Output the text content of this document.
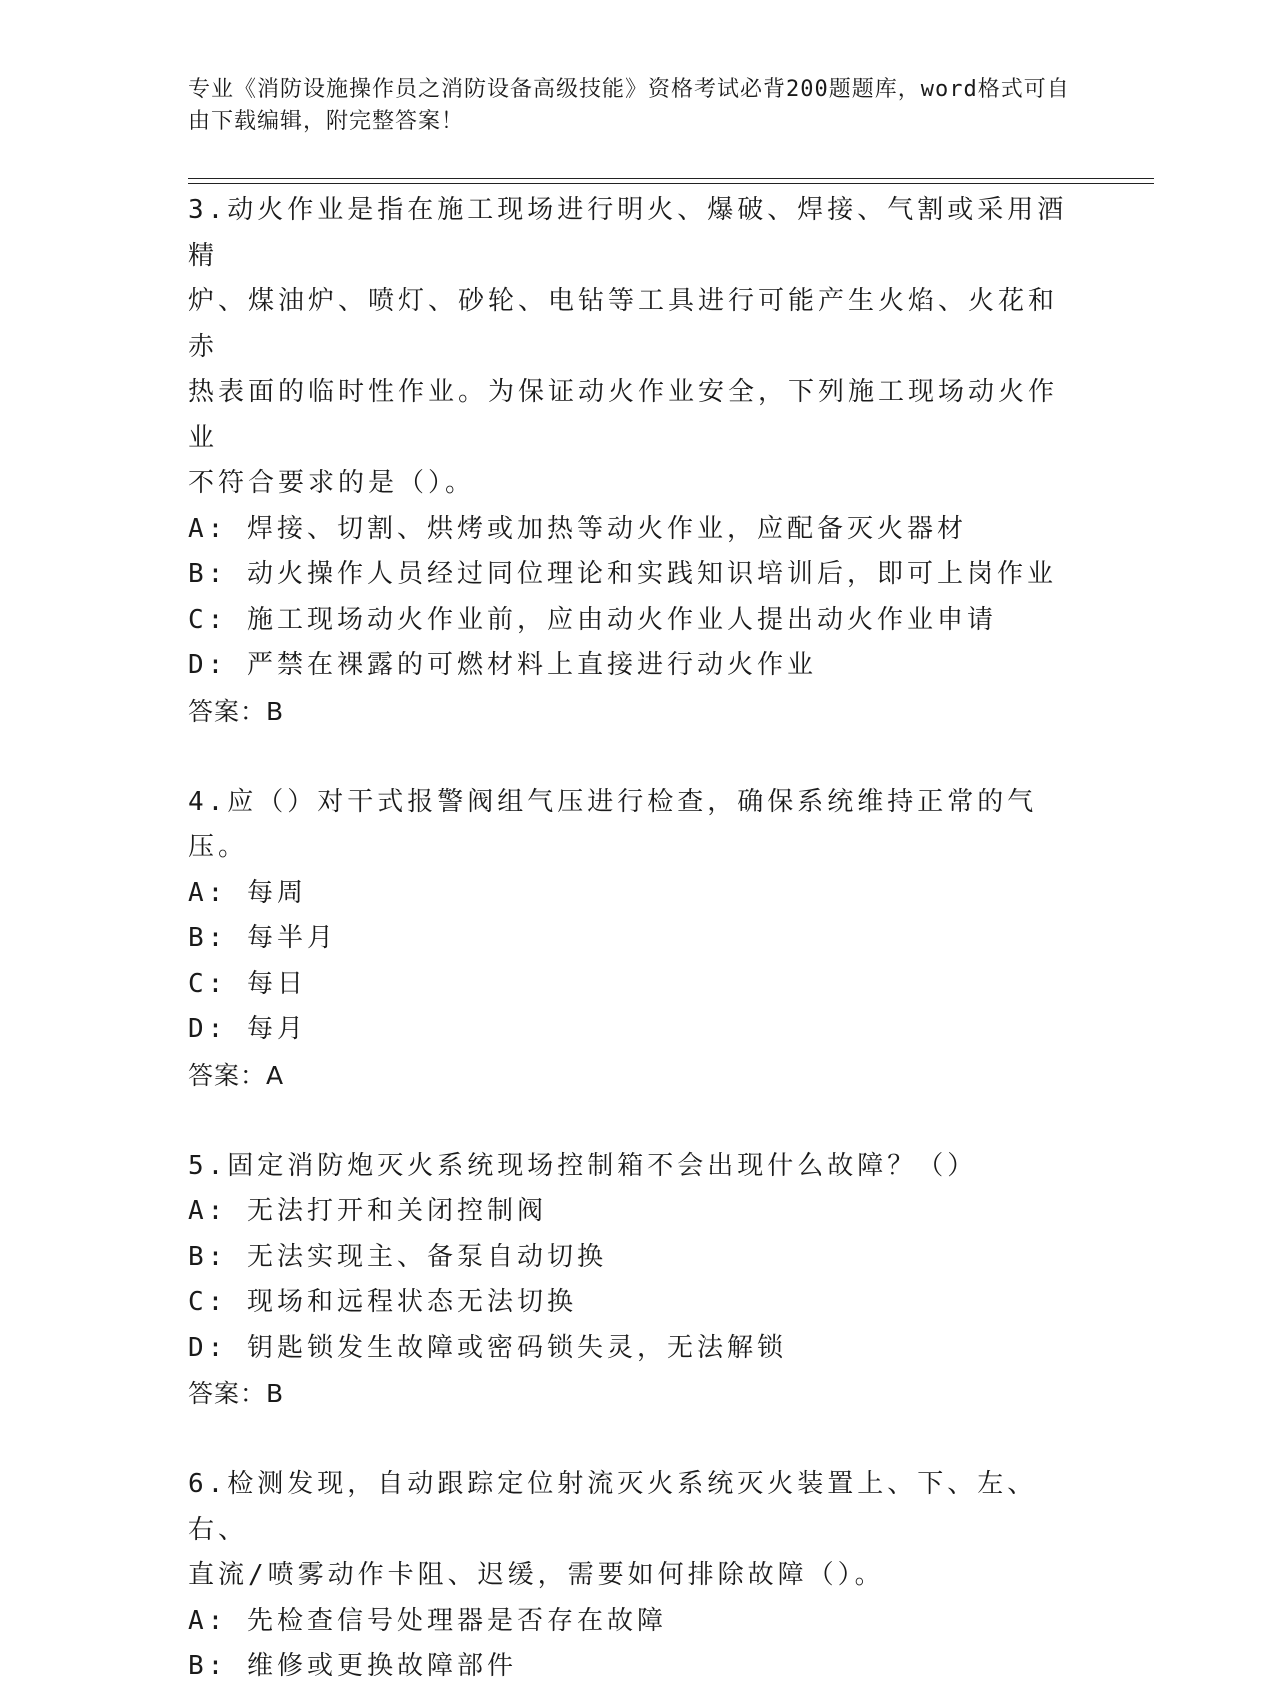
专业《消防设施操作员之消防设备高级技能》资格考试必背200题题库，word格式可自由下载编辑，附完整答案！
3.动火作业是指在施工现场进行明火、爆破、焊接、气割或采用酒精
炉、煤油炉、喷灯、砂轮、电钻等工具进行可能产生火焰、火花和赤
热表面的临时性作业。为保证动火作业安全，下列施工现场动火作业
不符合要求的是（）。
A: 焊接、切割、烘烤或加热等动火作业，应配备灭火器材
B: 动火操作人员经过同位理论和实践知识培训后，即可上岗作业
C: 施工现场动火作业前，应由动火作业人提出动火作业申请
D: 严禁在裸露的可燃材料上直接进行动火作业
答案：B
4.应（）对干式报警阀组气压进行检查，确保系统维持正常的气压。
A: 每周
B: 每半月
C: 每日
D: 每月
答案：A
5.固定消防炮灭火系统现场控制箱不会出现什么故障？（）
A: 无法打开和关闭控制阀
B: 无法实现主、备泵自动切换
C: 现场和远程状态无法切换
D: 钥匙锁发生故障或密码锁失灵，无法解锁
答案：B
6.检测发现，自动跟踪定位射流灭火系统灭火装置上、下、左、右、
直流/喷雾动作卡阻、迟缓，需要如何排除故障（）。
A: 先检查信号处理器是否存在故障
B: 维修或更换故障部件
